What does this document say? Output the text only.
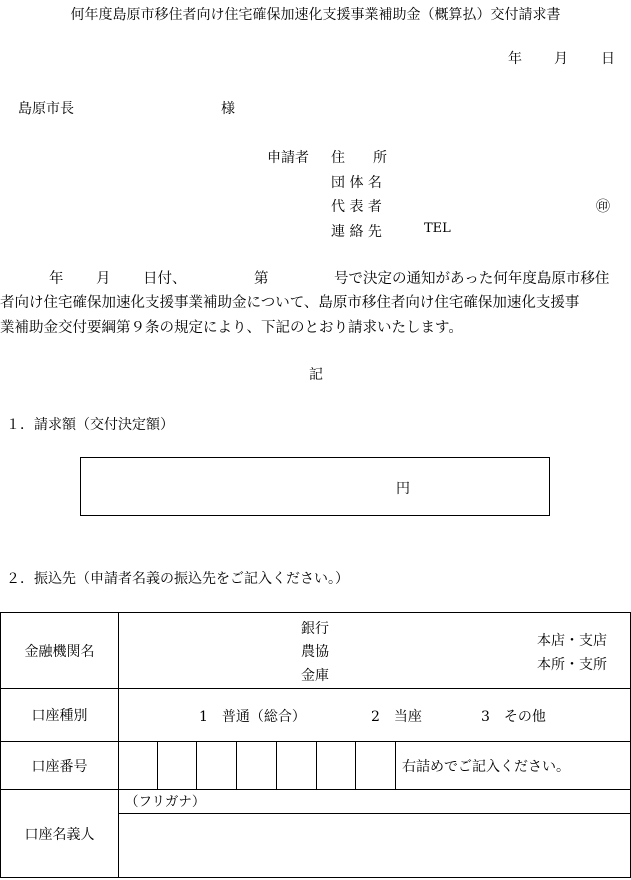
何年度島原市移住者向け住宅確保加速化支援事業補助金（概算払）交付請求書
年 月 日
島原市長	様
申請者 住　　所
団 体 名
代 表 者	㊞
連 絡 先	TEL
年 月 日付、	第	号で決定の通知があった何年度島原市移住
者向け住宅確保加速化支援事業補助金について、島原市移住者向け住宅確保加速化支援事
業補助金交付要綱第９条の規定により、下記のとおり請求いたします。
記
１．請求額（交付決定額）
円
２．振込先（申請者名義の振込先をご記入ください。）
金融機関名	銀行
農協
金庫
本店・支店
本所・支所							

口座種別	1　普通（総合） 2　当座 3　その他							

口座番号								右詰めでご記入ください。
口座名義人	（フリガナ）							
